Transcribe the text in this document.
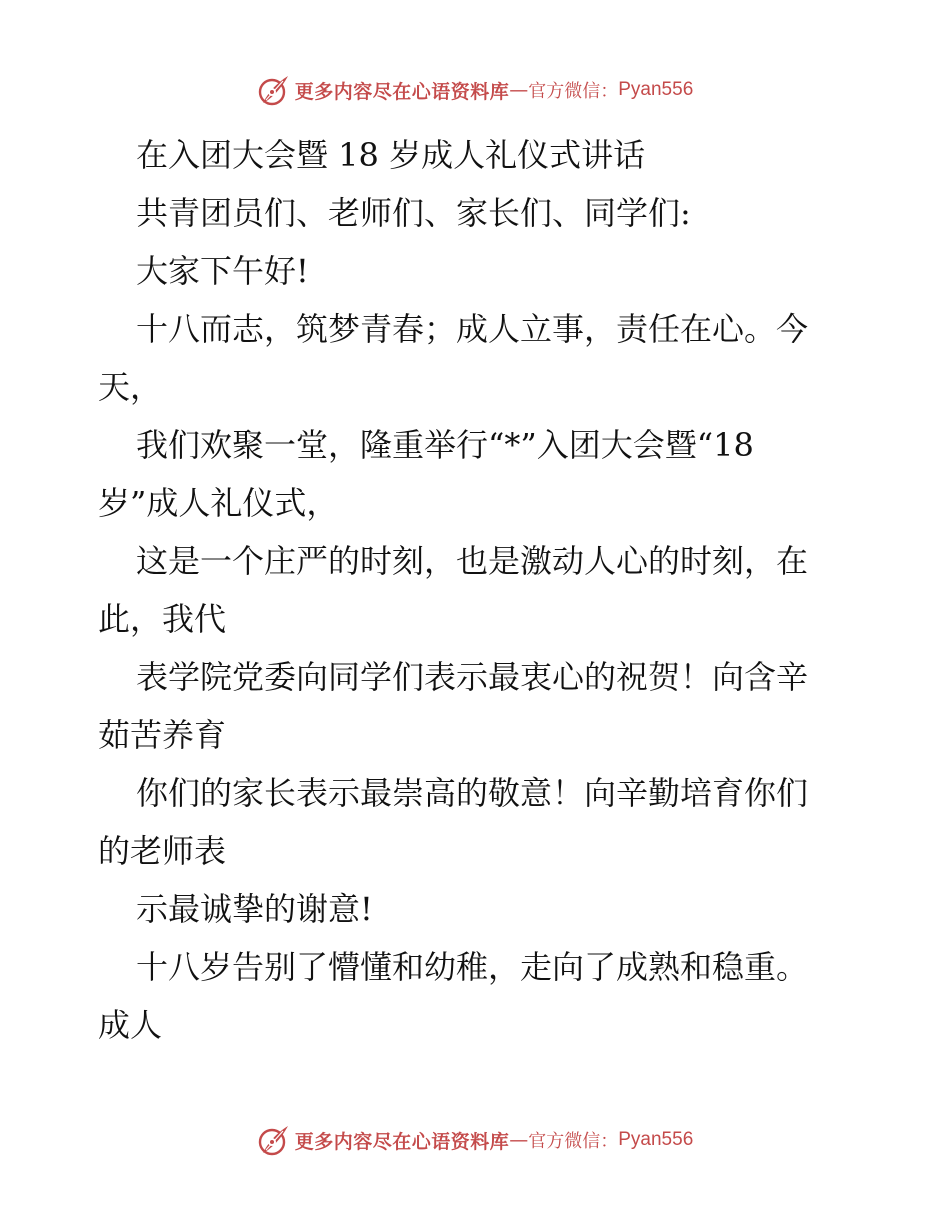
更多内容尽在心语资料库 — 官方微信： Pyan556
在入团大会暨 18 岁成人礼仪式讲话
共青团员们、老师们、家长们、同学们:
大家下午好!
十八而志，筑梦青春；成人立事，责任在心。今
天，
我们欢聚一堂，隆重举行“*”入团大会暨“18
岁”成人礼仪式，
这是一个庄严的时刻，也是激动人心的时刻，在
此，我代
表学院党委向同学们表示最衷心的祝贺！向含辛
茹苦养育
你们的家长表示最崇高的敬意！向辛勤培育你们
的老师表
示最诚挚的谢意!
十八岁告别了懵懂和幼稚，走向了成熟和稳重。
成人
更多内容尽在心语资料库 — 官方微信： Pyan556
